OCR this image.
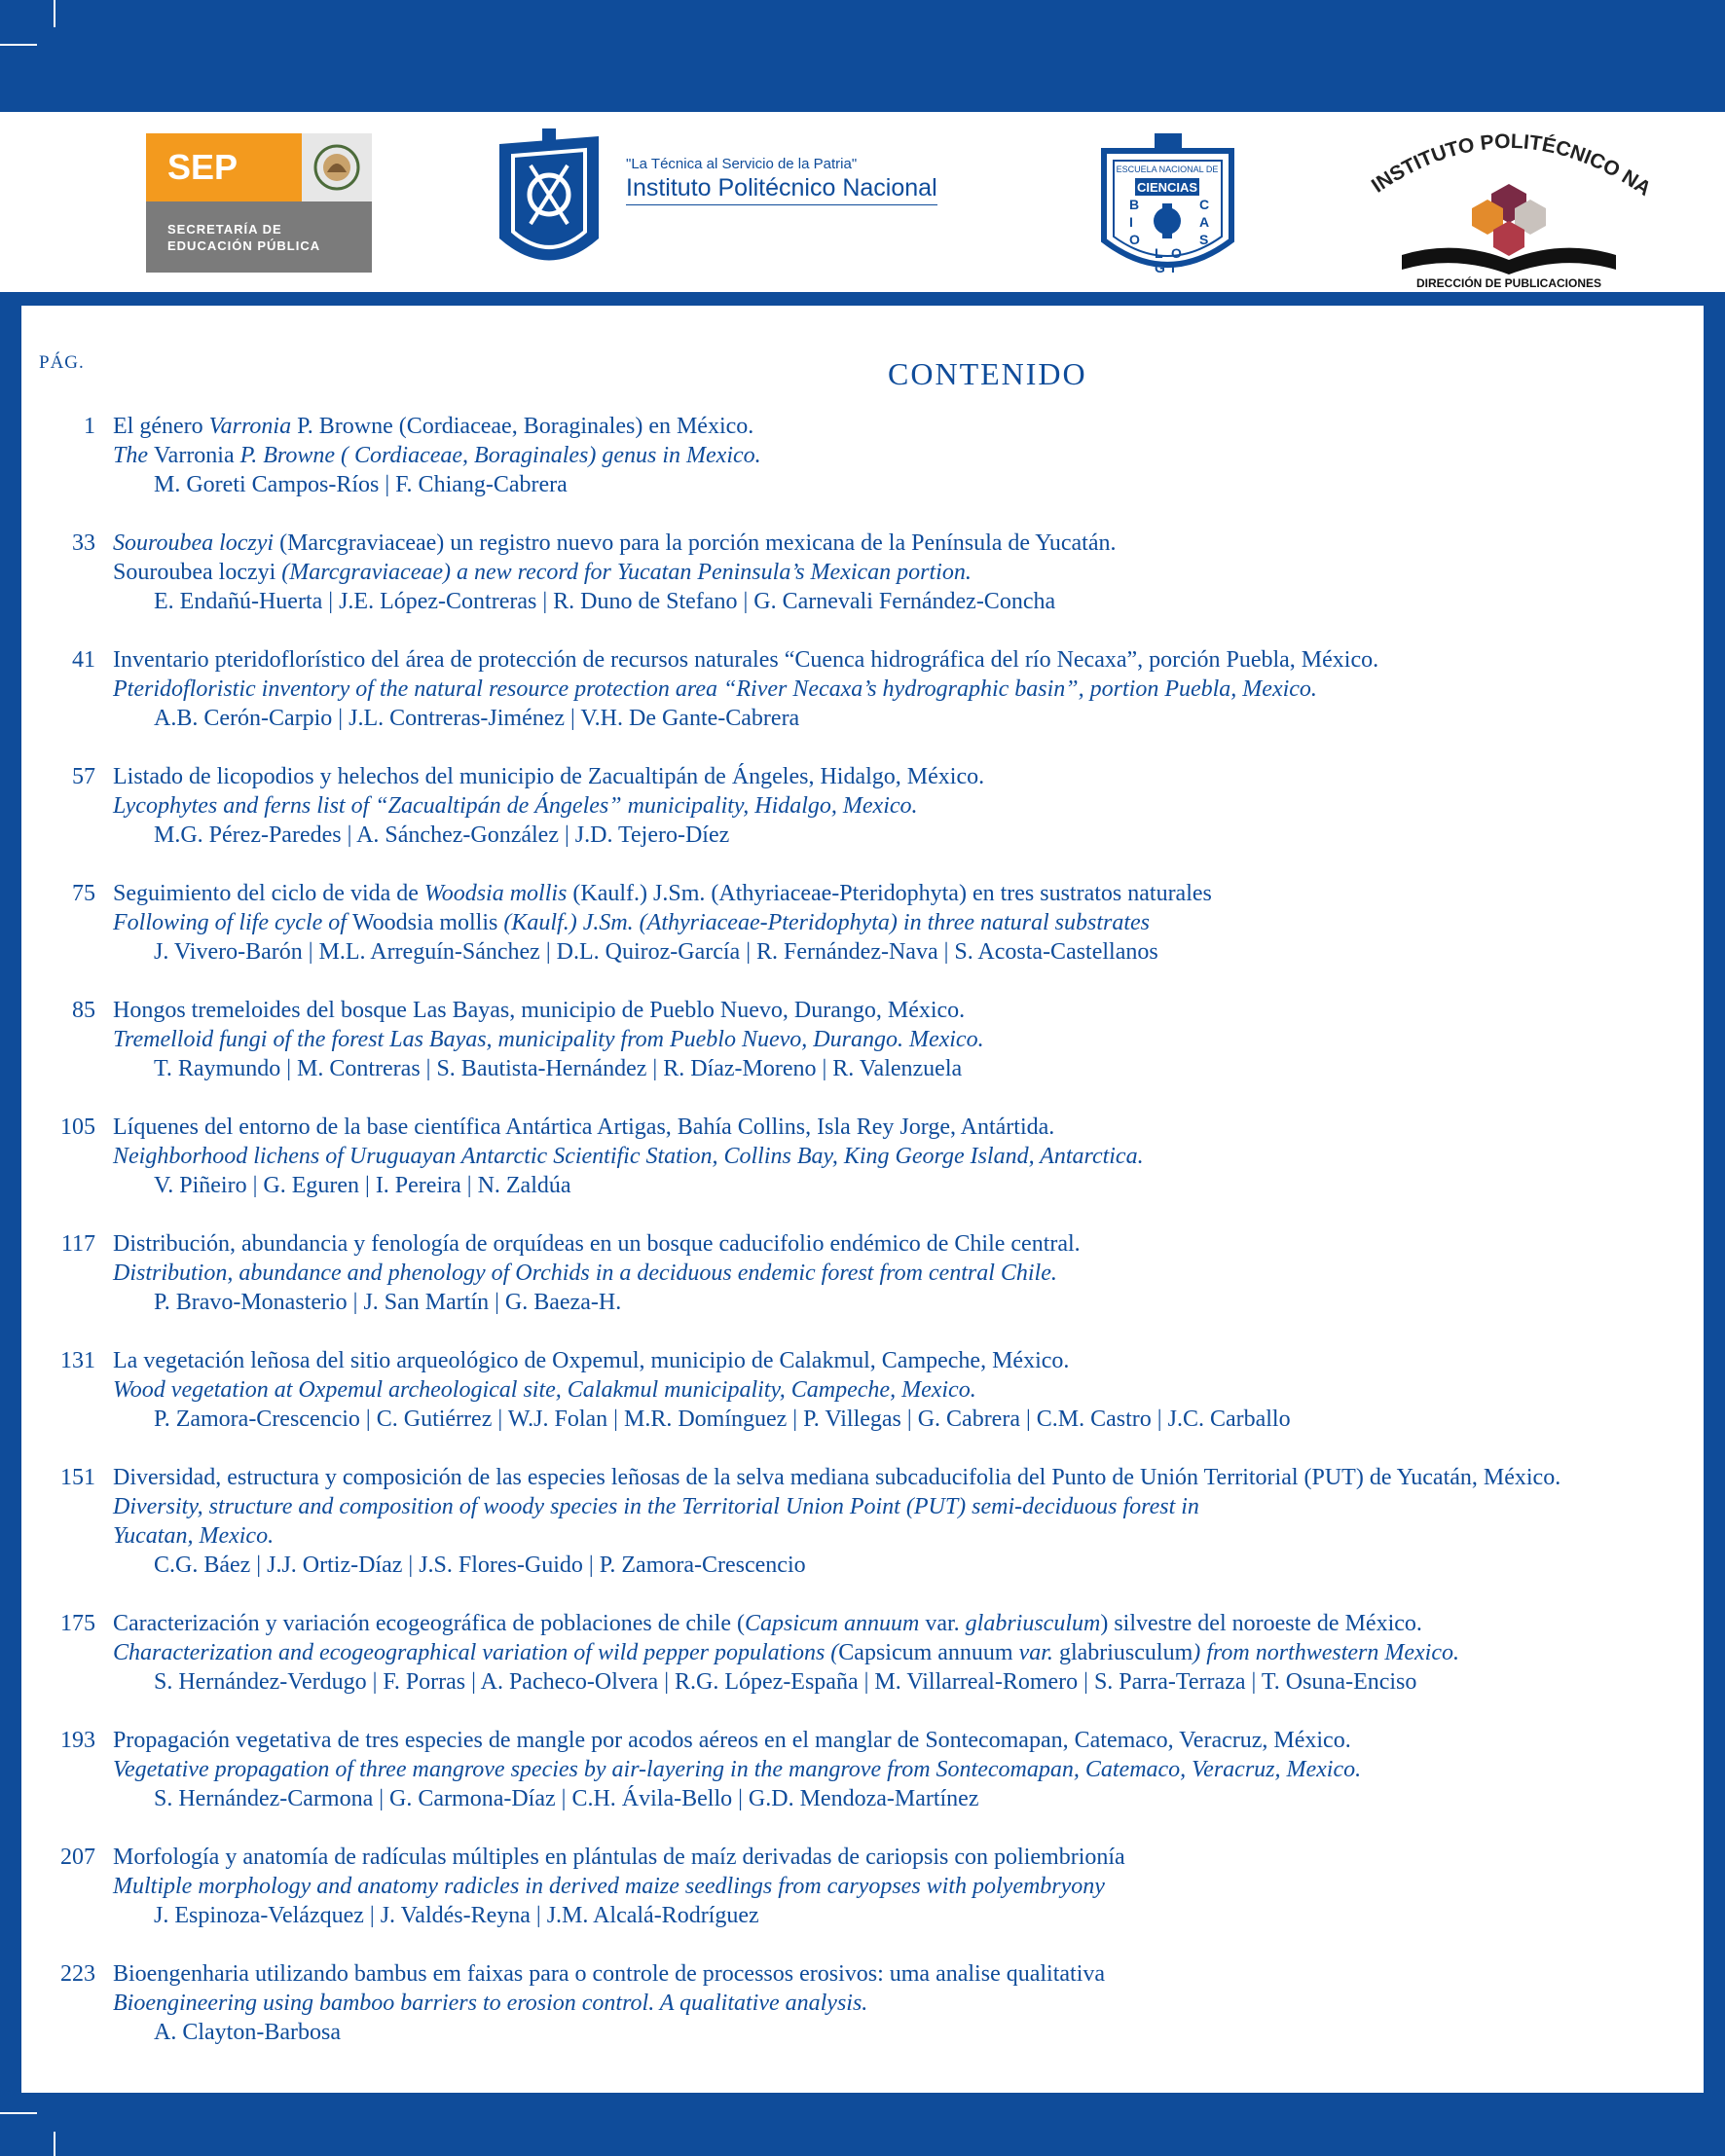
SEP
SECRETARÍA DE
EDUCACIÓN PÚBLICA
"La Técnica al Servicio de la Patria"
Instituto Politécnico Nacional
ESCUELA NACIONAL DE
CIENCIAS
B
I
O
L O
G I
C
A
S
INSTITUTO POLITÉCNICO NA
DIRECCIÓN DE PUBLICACIONES
PÁG.	CONTENIDO
1 El género Varronia P. Browne (Cordiaceae, Boraginales) en México.
The Varronia P. Browne ( Cordiaceae, Boraginales) genus in Mexico.
M. Goreti Campos-Ríos | F. Chiang-Cabrera
33 Souroubea loczyi (Marcgraviaceae) un registro nuevo para la porción mexicana de la Península de Yucatán.
Souroubea loczyi (Marcgraviaceae) a new record for Yucatan Peninsula’s Mexican portion.
E. Endañú-Huerta | J.E. López-Contreras | R. Duno de Stefano | G. Carnevali Fernández-Concha
41 Inventario pteridoflorístico del área de protección de recursos naturales “Cuenca hidrográfica del río Necaxa”, porción Puebla, México.
Pteridofloristic inventory of the natural resource protection area “River Necaxa’s hydrographic basin”, portion Puebla, Mexico.
A.B. Cerón-Carpio | J.L. Contreras-Jiménez | V.H. De Gante-Cabrera
57 Listado de licopodios y helechos del municipio de Zacualtipán de Ángeles, Hidalgo, México.
Lycophytes and ferns list of “Zacualtipán de Ángeles” municipality, Hidalgo, Mexico.
M.G. Pérez-Paredes | A. Sánchez-González | J.D. Tejero-Díez
75 Seguimiento del ciclo de vida de Woodsia mollis (Kaulf.) J.Sm. (Athyriaceae-Pteridophyta) en tres sustratos naturales
Following of life cycle of Woodsia mollis (Kaulf.) J.Sm. (Athyriaceae-Pteridophyta) in three natural substrates
J. Vivero-Barón | M.L. Arreguín-Sánchez | D.L. Quiroz-García | R. Fernández-Nava | S. Acosta-Castellanos
85 Hongos tremeloides del bosque Las Bayas, municipio de Pueblo Nuevo, Durango, México.
Tremelloid fungi of the forest Las Bayas, municipality from Pueblo Nuevo, Durango. Mexico.
T. Raymundo | M. Contreras | S. Bautista-Hernández | R. Díaz-Moreno | R. Valenzuela
105 Líquenes del entorno de la base científica Antártica Artigas, Bahía Collins, Isla Rey Jorge, Antártida.
Neighborhood lichens of Uruguayan Antarctic Scientific Station, Collins Bay, King George Island, Antarctica.
V. Piñeiro | G. Eguren | I. Pereira | N. Zaldúa
117 Distribución, abundancia y fenología de orquídeas en un bosque caducifolio endémico de Chile central.
Distribution, abundance and phenology of Orchids in a deciduous endemic forest from central Chile.
P. Bravo-Monasterio | J. San Martín | G. Baeza-H.
131 La vegetación leñosa del sitio arqueológico de Oxpemul, municipio de Calakmul, Campeche, México.
Wood vegetation at Oxpemul archeological site, Calakmul municipality, Campeche, Mexico.
P. Zamora-Crescencio | C. Gutiérrez | W.J. Folan | M.R. Domínguez | P. Villegas | G. Cabrera | C.M. Castro | J.C. Carballo
151 Diversidad, estructura y composición de las especies leñosas de la selva mediana subcaducifolia del Punto de Unión Territorial (PUT) de Yucatán, México.
Diversity, structure and composition of woody species in the Territorial Union Point (PUT) semi-deciduous forest in
Yucatan, Mexico.
C.G. Báez | J.J. Ortiz-Díaz | J.S. Flores-Guido | P. Zamora-Crescencio
175 Caracterización y variación ecogeográfica de poblaciones de chile (Capsicum annuum var. glabriusculum) silvestre del noroeste de México.
Characterization and ecogeographical variation of wild pepper populations (Capsicum annuum var. glabriusculum) from northwestern Mexico.
S. Hernández-Verdugo | F. Porras | A. Pacheco-Olvera | R.G. López-España | M. Villarreal-Romero | S. Parra-Terraza | T. Osuna-Enciso
193 Propagación vegetativa de tres especies de mangle por acodos aéreos en el manglar de Sontecomapan, Catemaco, Veracruz, México.
Vegetative propagation of three mangrove species by air-layering in the mangrove from Sontecomapan, Catemaco, Veracruz, Mexico.
S. Hernández-Carmona | G. Carmona-Díaz | C.H. Ávila-Bello | G.D. Mendoza-Martínez
207 Morfología y anatomía de radículas múltiples en plántulas de maíz derivadas de cariopsis con poliembrionía
Multiple morphology and anatomy radicles in derived maize seedlings from caryopses with polyembryony
J. Espinoza-Velázquez | J. Valdés-Reyna | J.M. Alcalá-Rodríguez
223 Bioengenharia utilizando bambus em faixas para o controle de processos erosivos: uma analise qualitativa
Bioengineering using bamboo barriers to erosion control. A qualitative analysis.
A. Clayton-Barbosa
